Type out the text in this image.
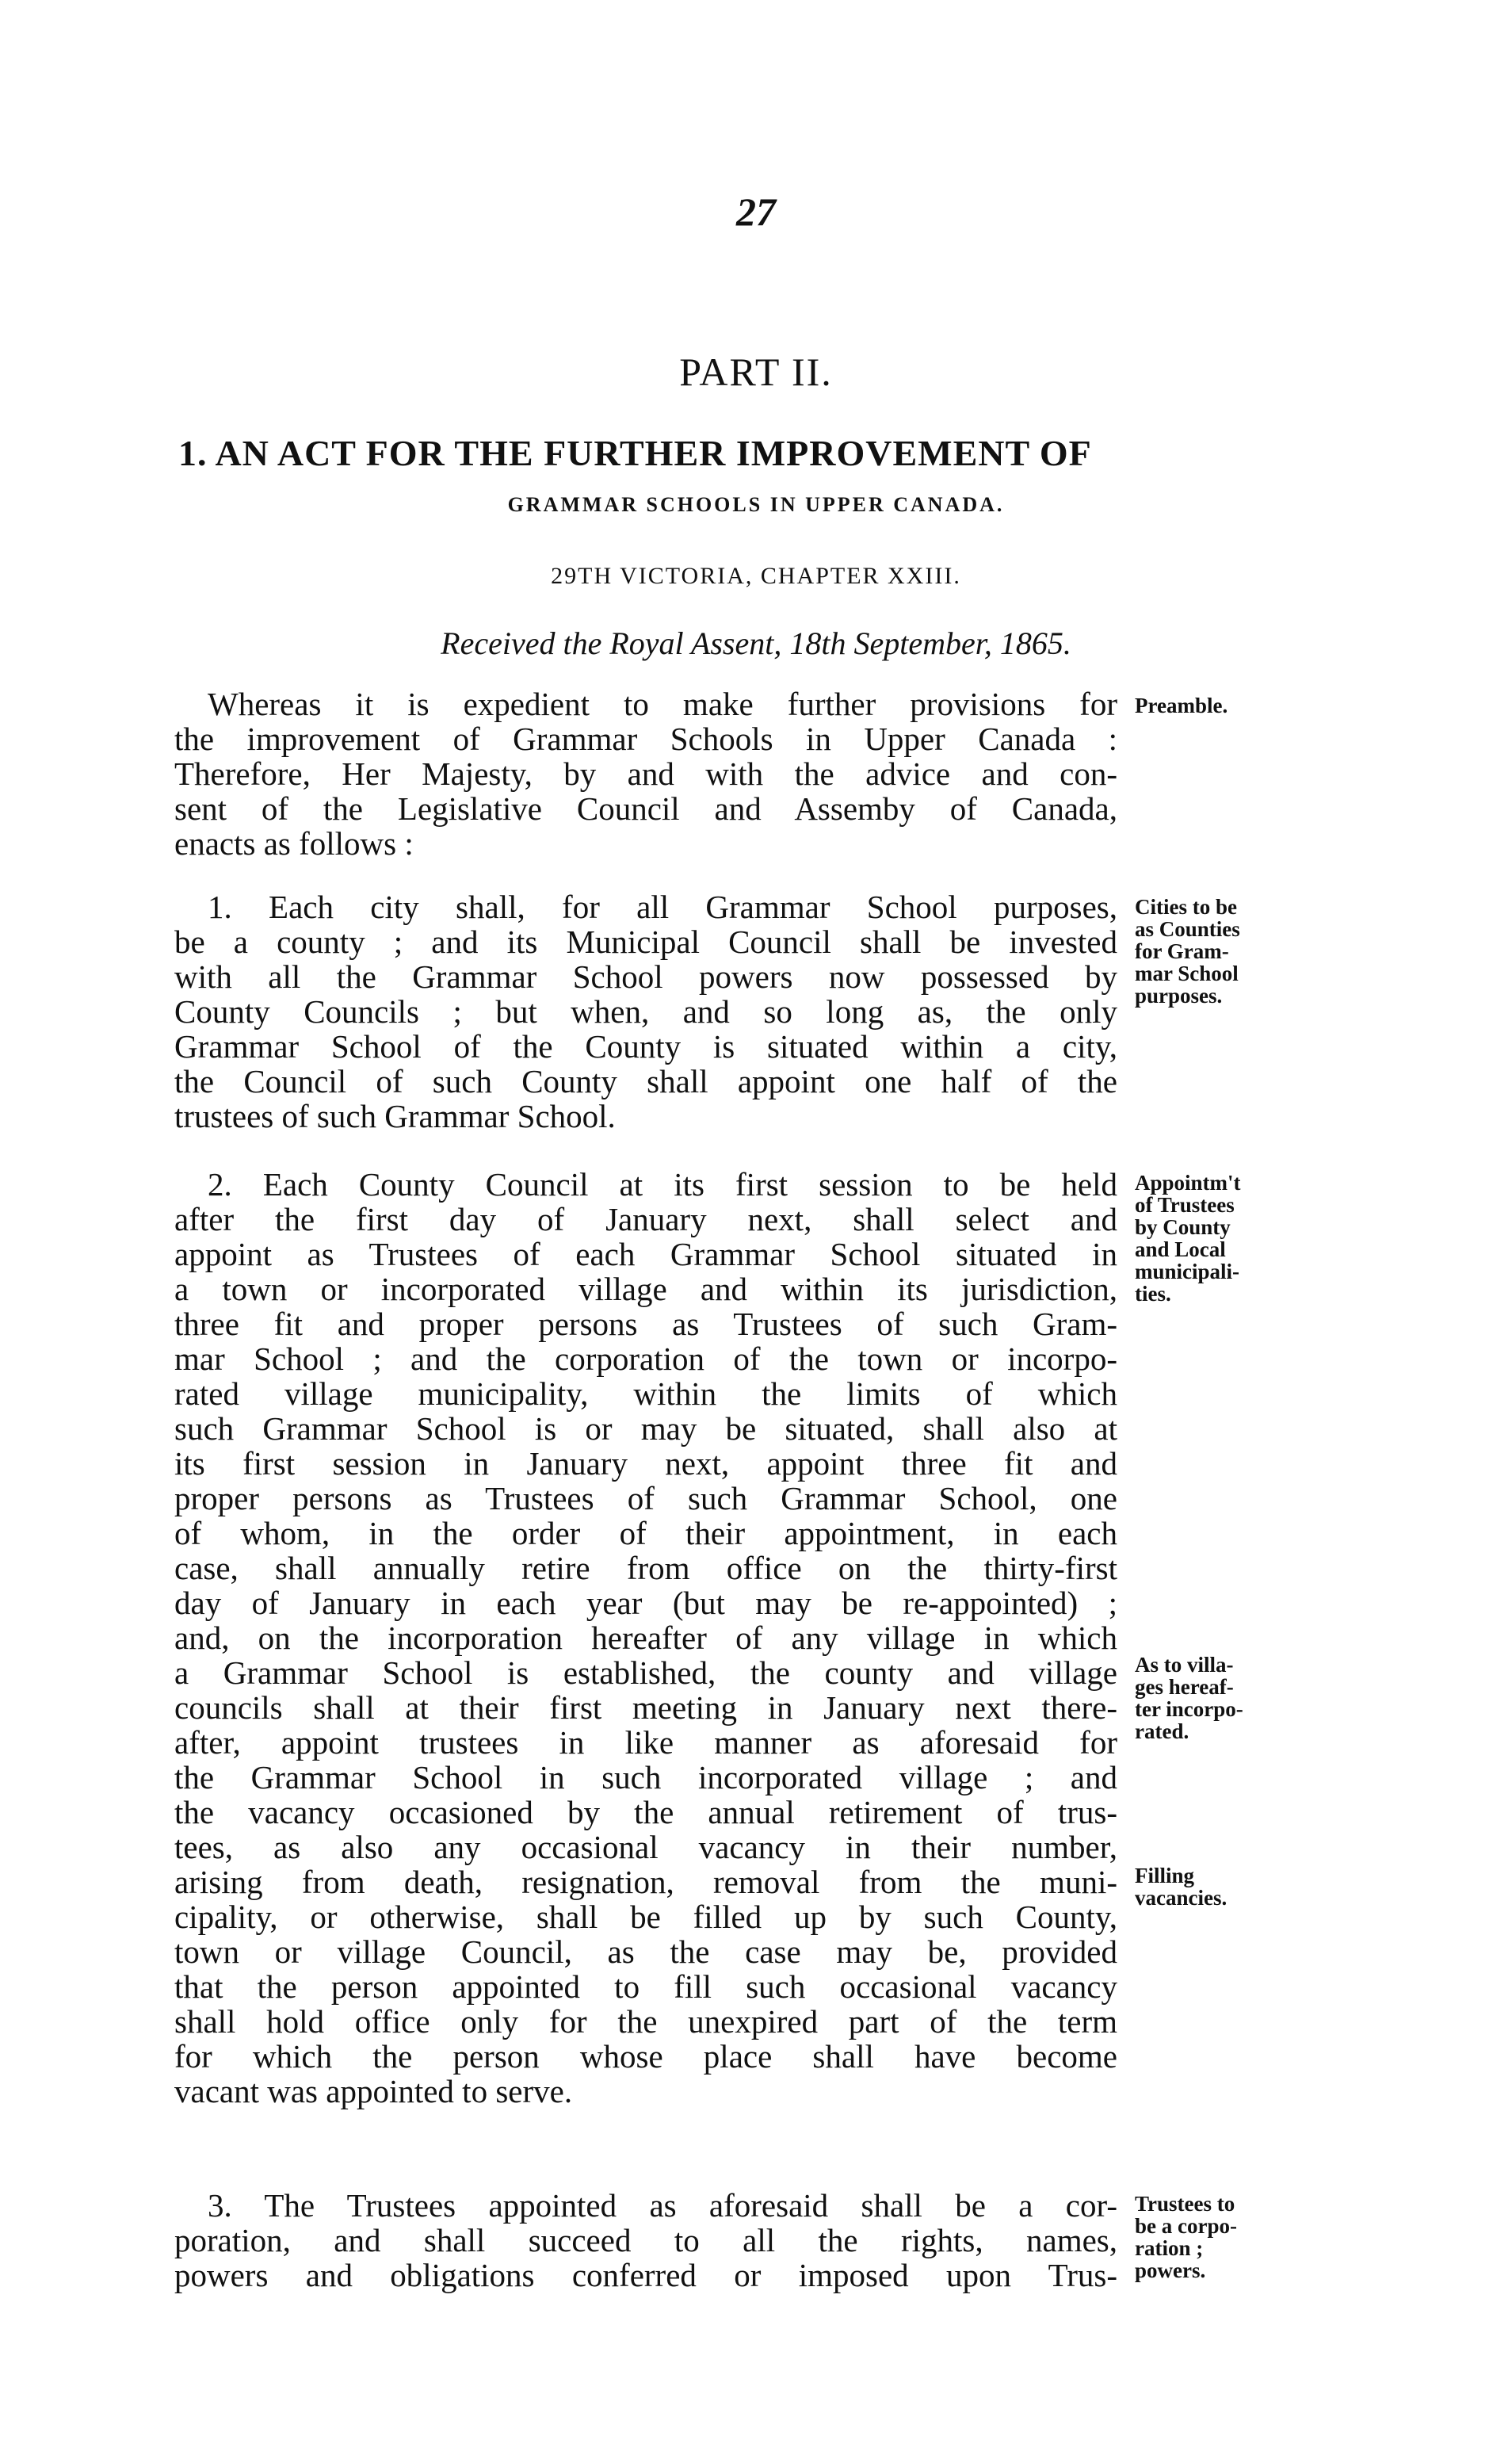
27
PART II.
1. AN ACT FOR THE FURTHER IMPROVEMENT OF
GRAMMAR SCHOOLS IN UPPER CANADA.
29TH VICTORIA, CHAPTER XXIII.
Received the Royal Assent, 18th September, 1865.
Whereas it is expedient to make further provisions for
the improvement of Grammar Schools in Upper Canada :
Therefore, Her Majesty, by and with the advice and con-
sent of the Legislative Council and Assemby of Canada,
enacts as follows :
Preamble.
1. Each city shall, for all Grammar School purposes,
be a county ; and its Municipal Council shall be invested
with all the Grammar School powers now possessed by
County Councils ; but when, and so long as, the only
Grammar School of the County is situated within a city,
the Council of such County shall appoint one half of the
trustees of such Grammar School.
Cities to be
as Counties
for Gram-
mar School
purposes.
2. Each County Council at its first session to be held
after the first day of January next, shall select and
appoint as Trustees of each Grammar School situated in
a town or incorporated village and within its jurisdiction,
three fit and proper persons as Trustees of such Gram-
mar School ; and the corporation of the town or incorpo-
rated village municipality, within the limits of which
such Grammar School is or may be situated, shall also at
its first session in January next, appoint three fit and
proper persons as Trustees of such Grammar School, one
of whom, in the order of their appointment, in each
case, shall annually retire from office on the thirty-first
day of January in each year (but may be re-appointed) ;
and, on the incorporation hereafter of any village in which
a Grammar School is established, the county and village
councils shall at their first meeting in January next there-
after, appoint trustees in like manner as aforesaid for
the Grammar School in such incorporated village ; and
the vacancy occasioned by the annual retirement of trus-
tees, as also any occasional vacancy in their number,
arising from death, resignation, removal from the muni-
cipality, or otherwise, shall be filled up by such County,
town or village Council, as the case may be, provided
that the person appointed to fill such occasional vacancy
shall hold office only for the unexpired part of the term
for which the person whose place shall have become
vacant was appointed to serve.
Appointm't
of Trustees
by County
and Local
municipali-
ties.
As to villa-
ges hereaf-
ter incorpo-
rated.
Filling
vacancies.
3. The Trustees appointed as aforesaid shall be a cor-
poration, and shall succeed to all the rights, names,
powers and obligations conferred or imposed upon Trus-
Trustees to
be a corpo-
ration ;
powers.
